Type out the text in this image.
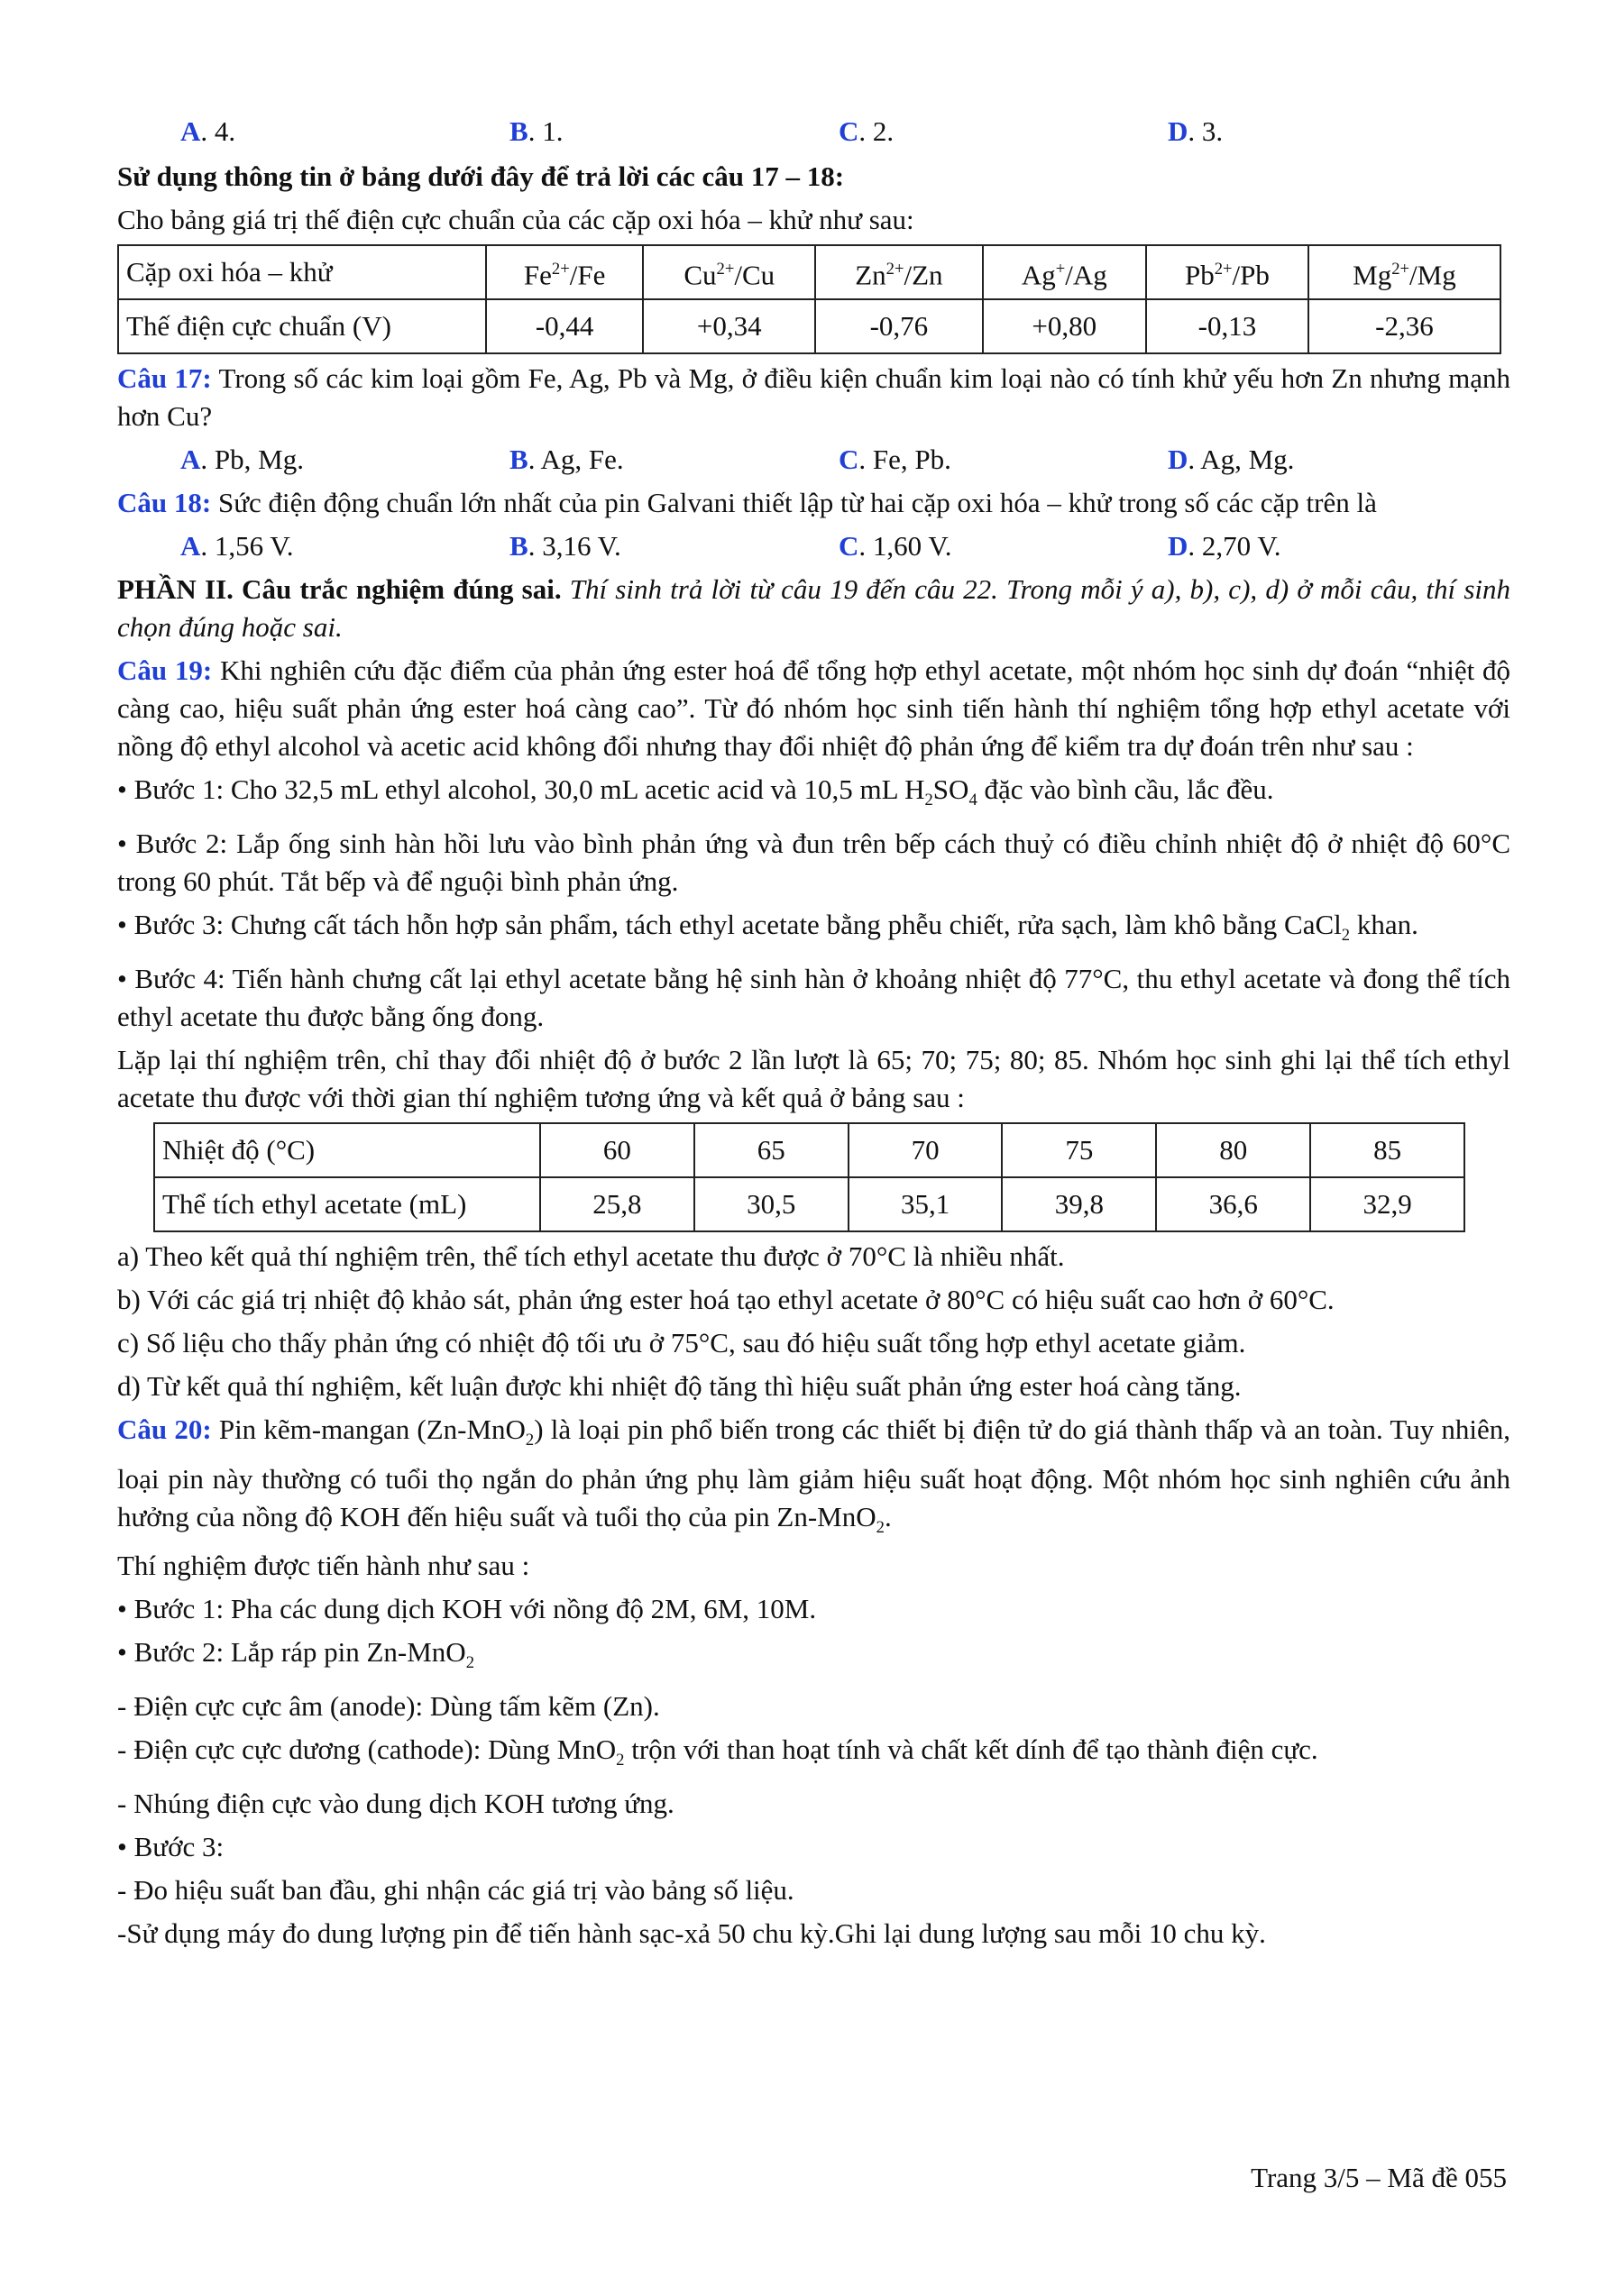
A. 4.	B. 1.	C. 2.	D. 3.

Sử dụng thông tin ở bảng dưới đây để trả lời các câu 17 – 18:

Cho bảng giá trị thế điện cực chuẩn của các cặp oxi hóa – khử như sau:

Cặp oxi hóa – khử	$Fe^{2+}/Fe$	$Cu^{2+}/Cu$	$Zn^{2+}/Zn$	Ag+/Ag	$Pb^{2+}/Pb$	$Mg^{2+}/Mg$
Thế điện cực chuẩn (V)	-0,44	+0,34	-0,76	+0,80	-0,13	-2,36

Câu 17: Trong số các kim loại gồm Fe, Ag, Pb và Mg, ở điều kiện chuẩn kim loại nào có tính khử yếu hơn Zn nhưng mạnh hơn Cu?

A. Pb, Mg.	B. Ag, Fe.	C. Fe, Pb.	D. Ag, Mg.

Câu 18: Sức điện động chuẩn lớn nhất của pin Galvani thiết lập từ hai cặp oxi hóa – khử trong số các cặp trên là

A. 1,56 V.	B. 3,16 V.	C. 1,60 V.	D. 2,70 V.

PHẦN II. Câu trắc nghiệm đúng sai. Thí sinh trả lời từ câu 19 đến câu 22. Trong mỗi ý a), b), c), d) ở mỗi câu, thí sinh chọn đúng hoặc sai.

Câu 19: Khi nghiên cứu đặc điểm của phản ứng ester hoá để tổng hợp ethyl acetate, một nhóm học sinh dự đoán “nhiệt độ càng cao, hiệu suất phản ứng ester hoá càng cao”. Từ đó nhóm học sinh tiến hành thí nghiệm tổng hợp ethyl acetate với nồng độ ethyl alcohol và acetic acid không đổi nhưng thay đổi nhiệt độ phản ứng để kiểm tra dự đoán trên như sau :

• Bước 1: Cho 32,5 mL ethyl alcohol, 30,0 mL acetic acid và 10,5 mL $H_2SO_4$ đặc vào bình cầu, lắc đều.

• Bước 2: Lắp ống sinh hàn hồi lưu vào bình phản ứng và đun trên bếp cách thuỷ có điều chỉnh nhiệt độ ở nhiệt độ 60°C trong 60 phút. Tắt bếp và để nguội bình phản ứng.

• Bước 3: Chưng cất tách hỗn hợp sản phẩm, tách ethyl acetate bằng phễu chiết, rửa sạch, làm khô bằng CaCl$_2$ khan.

• Bước 4: Tiến hành chưng cất lại ethyl acetate bằng hệ sinh hàn ở khoảng nhiệt độ 77°C, thu ethyl acetate và đong thể tích ethyl acetate thu được bằng ống đong.

Lặp lại thí nghiệm trên, chỉ thay đổi nhiệt độ ở bước 2 lần lượt là 65; 70; 75; 80; 85. Nhóm học sinh ghi lại thể tích ethyl acetate thu được với thời gian thí nghiệm tương ứng và kết quả ở bảng sau :

Nhiệt độ (°C)	60	65	70	75	80	85
Thể tích ethyl acetate (mL)	25,8	30,5	35,1	39,8	36,6	32,9

a) Theo kết quả thí nghiệm trên, thể tích ethyl acetate thu được ở 70°C là nhiều nhất.

b) Với các giá trị nhiệt độ khảo sát, phản ứng ester hoá tạo ethyl acetate ở 80°C có hiệu suất cao hơn ở 60°C.

c) Số liệu cho thấy phản ứng có nhiệt độ tối ưu ở 75°C, sau đó hiệu suất tổng hợp ethyl acetate giảm.

d) Từ kết quả thí nghiệm, kết luận được khi nhiệt độ tăng thì hiệu suất phản ứng ester hoá càng tăng.

Câu 20: Pin kẽm-mangan (Zn-MnO$_2$) là loại pin phổ biến trong các thiết bị điện tử do giá thành thấp và an toàn. Tuy nhiên, loại pin này thường có tuổi thọ ngắn do phản ứng phụ làm giảm hiệu suất hoạt động. Một nhóm học sinh nghiên cứu ảnh hưởng của nồng độ KOH đến hiệu suất và tuổi thọ của pin Zn-MnO$_2$.

Thí nghiệm được tiến hành như sau :

• Bước 1: Pha các dung dịch KOH với nồng độ 2M, 6M, 10M.

• Bước 2: Lắp ráp pin Zn-MnO$_2$

- Điện cực cực âm (anode): Dùng tấm kẽm (Zn).

- Điện cực cực dương (cathode): Dùng MnO$_2$ trộn với than hoạt tính và chất kết dính để tạo thành điện cực.

- Nhúng điện cực vào dung dịch KOH tương ứng.

• Bước 3:

- Đo hiệu suất ban đầu, ghi nhận các giá trị vào bảng số liệu.

-Sử dụng máy đo dung lượng pin để tiến hành sạc-xả 50 chu kỳ.Ghi lại dung lượng sau mỗi 10 chu kỳ.

Trang 3/5 – Mã đề 055
